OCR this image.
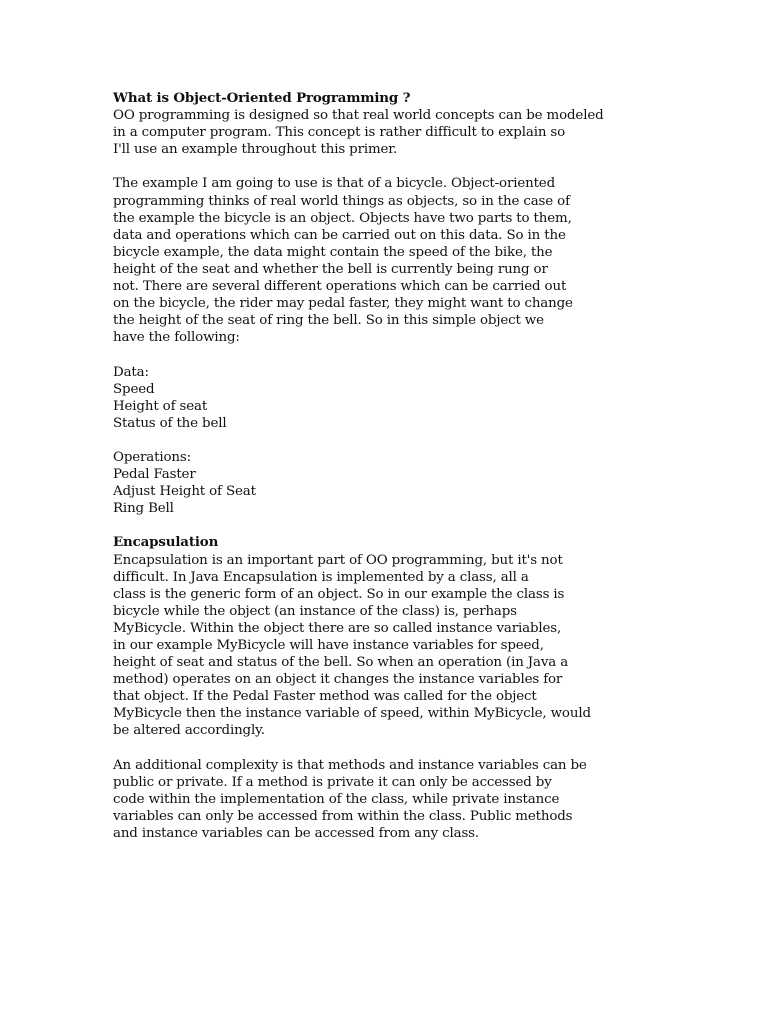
What is Object-Oriented Programming ?
OO programming is designed so that real world concepts can be modeled
in a computer program. This concept is rather difficult to explain so
I'll use an example throughout this primer.
The example I am going to use is that of a bicycle. Object-oriented
programming thinks of real world things as objects, so in the case of
the example the bicycle is an object. Objects have two parts to them,
data and operations which can be carried out on this data. So in the
bicycle example, the data might contain the speed of the bike, the
height of the seat and whether the bell is currently being rung or
not. There are several different operations which can be carried out
on the bicycle, the rider may pedal faster, they might want to change
the height of the seat of ring the bell. So in this simple object we
have the following:
Data:
Speed
Height of seat
Status of the bell
Operations:
Pedal Faster
Adjust Height of Seat
Ring Bell
Encapsulation
Encapsulation is an important part of OO programming, but it's not
difficult. In Java Encapsulation is implemented by a class, all a
class is the generic form of an object. So in our example the class is
bicycle while the object (an instance of the class) is, perhaps
MyBicycle. Within the object there are so called instance variables,
in our example MyBicycle will have instance variables for speed,
height of seat and status of the bell. So when an operation (in Java a
method) operates on an object it changes the instance variables for
that object. If the Pedal Faster method was called for the object
MyBicycle then the instance variable of speed, within MyBicycle, would
be altered accordingly.
An additional complexity is that methods and instance variables can be
public or private. If a method is private it can only be accessed by
code within the implementation of the class, while private instance
variables can only be accessed from within the class. Public methods
and instance variables can be accessed from any class.
